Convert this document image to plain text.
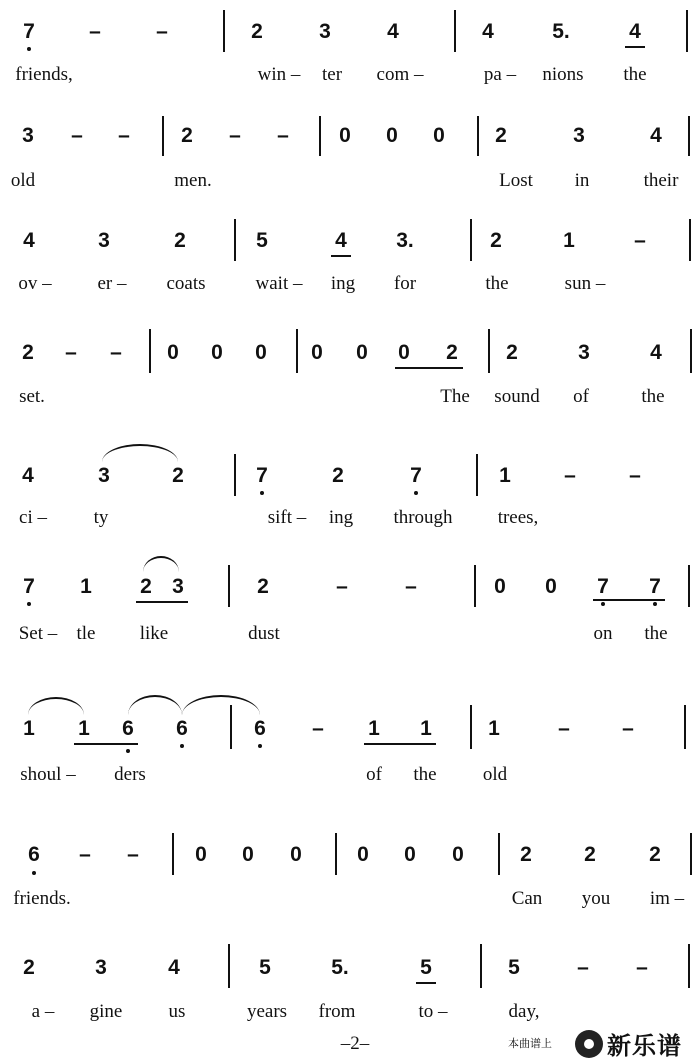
7	–	–	2	3	4	4	5.	4
friends,	win – ter com –	pa – nions the
3 – – 2 – – 0 0 0 2	3	4
old	men.	Lost in	their
4	3	2	5	4 3.	2	1	–
ov – er – coats	wait – ing for	the	sun –
2 – – 0 0 0 0 0 0 2 2	3	4
set.	The sound of	the
4	3	2	7	2	7	1	–	–
ci – ty	sift – ing through trees,
7 1 2 3	2	–	–	0 0 7 7
Set – tle like	dust	on the
1 1 6 6	6 – 1 1	1	– –
shoul – ders	of the old
6 – –	0 0 0	0 0 0	2 2	2
friends.	Can you im –
2	3	4	5	5.	5	5	– –
a – gine us	years from	to –	day,
–2–	本曲谱上 新乐谱
